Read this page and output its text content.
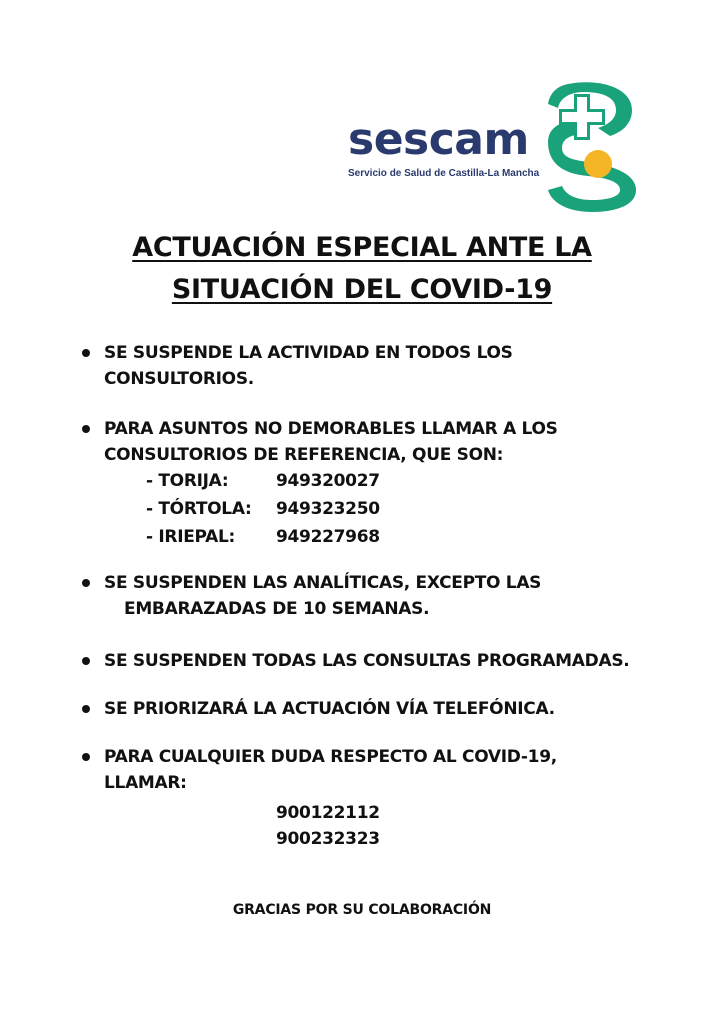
sescam
Servicio de Salud de Castilla-La Mancha
ACTUACIÓN ESPECIAL ANTE LA
SITUACIÓN DEL COVID-19
SE SUSPENDE LA ACTIVIDAD EN TODOS LOS
CONSULTORIOS.
PARA ASUNTOS NO DEMORABLES LLAMAR A LOS
CONSULTORIOS DE REFERENCIA, QUE SON:
- TORIJA:	949320027
- TÓRTOLA: 949323250
- IRIEPAL: 949227968
SE SUSPENDEN LAS ANALÍTICAS, EXCEPTO LAS
EMBARAZADAS DE 10 SEMANAS.
SE SUSPENDEN TODAS LAS CONSULTAS PROGRAMADAS.
SE PRIORIZARÁ LA ACTUACIÓN VÍA TELEFÓNICA.
PARA CUALQUIER DUDA RESPECTO AL COVID-19,
LLAMAR:
900122112
900232323
GRACIAS POR SU COLABORACIÓN
